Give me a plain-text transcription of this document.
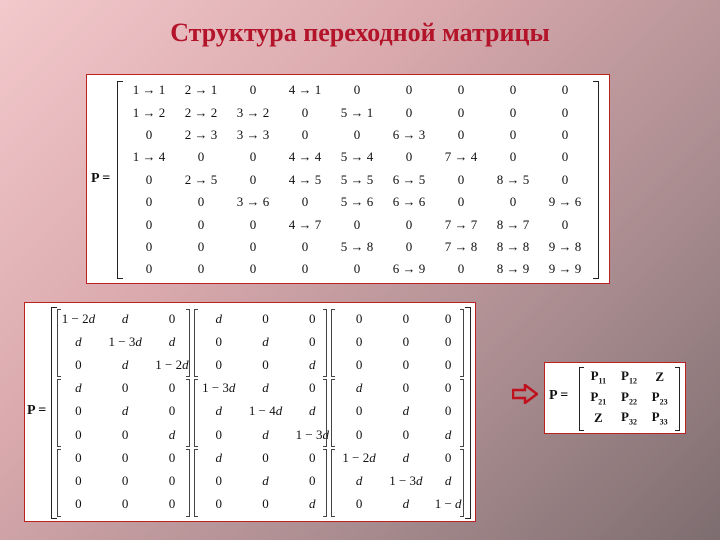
Структура переходной матрицы
P =
1 → 1	2 → 1	0	4 → 1	0	0	0	0	0
1 → 2	2 → 2	3 → 2	0	5 → 1	0	0	0	0
0	2 → 3	3 → 3	0	0	6 → 3	0	0	0
1 → 4	0	0	4 → 4	5 → 4	0	7 → 4	0	0
0	2 → 5	0	4 → 5	5 → 5	6 → 5	0	8 → 5	0
0	0	3 → 6	0	5 → 6	6 → 6	0	0	9 → 6
0	0	0	4 → 7	0	0	7 → 7	8 → 7	0
0	0	0	0	5 → 8	0	7 → 8	8 → 8	9 → 8
0	0	0	0	0	6 → 9	0	8 → 9	9 → 9
P =
1 − 2d	d	0	d	0	0	0	0	0
d	1 − 3d	d	0	d	0	0	0	0
0	d	1 − 2d	0	0	d	0	0	0
d	0	0	1 − 3d	d	0	d	0	0
0	d	0	d	1 − 4d	d	0	d	0
0	0	d	0	d	1 − 3d	0	0	d
0	0	0	d	0	0	1 − 2d	d	0
0	0	0	0	d	0	d	1 − 3d	d
0	0	0	0	0	d	0	d	1 − d
P =
$P_{11}$	$P_{12}$	Z
$P_{21}$	$P_{22}$	$P_{23}$
Z	$P_{32}$	$P_{33}$
